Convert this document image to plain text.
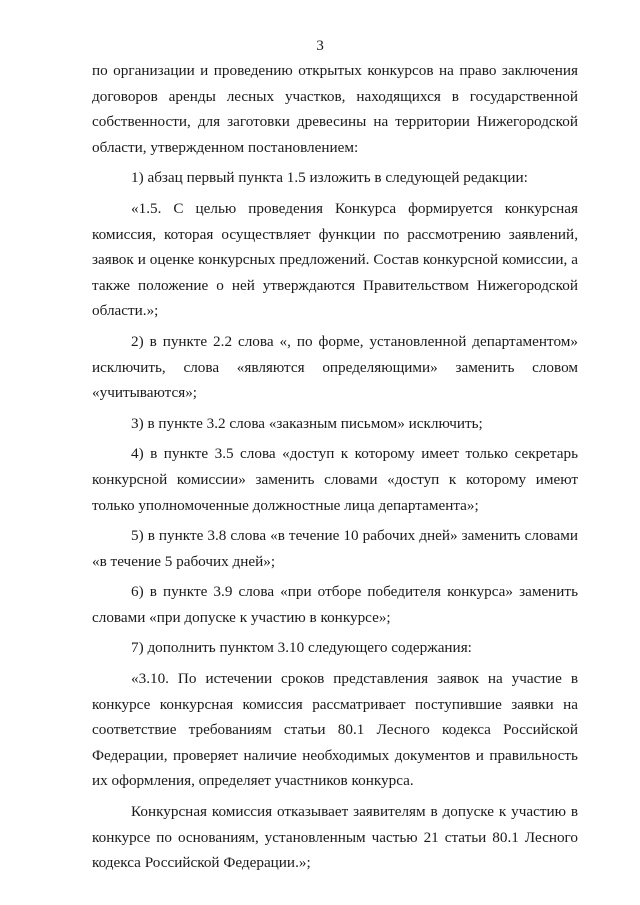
3

по организации и проведению открытых конкурсов на право заключения договоров аренды лесных участков, находящихся в государственной собственности, для заготовки древесины на территории Нижегородской области, утвержденном постановлением:

1) абзац первый пункта 1.5 изложить в следующей редакции:

«1.5. С целью проведения Конкурса формируется конкурсная комиссия, которая осуществляет функции по рассмотрению заявлений, заявок и оценке конкурсных предложений. Состав конкурсной комиссии, а также положение о ней утверждаются Правительством Нижегородской области.»;

2) в пункте 2.2 слова «, по форме, установленной департаментом» исключить, слова «являются определяющими» заменить словом «учитываются»;

3) в пункте 3.2 слова «заказным письмом» исключить;

4) в пункте 3.5 слова «доступ к которому имеет только секретарь конкурсной комиссии» заменить словами «доступ к которому имеют только уполномоченные должностные лица департамента»;

5) в пункте 3.8 слова «в течение 10 рабочих дней» заменить словами «в течение 5 рабочих дней»;

6) в пункте 3.9 слова «при отборе победителя конкурса» заменить словами «при допуске к участию в конкурсе»;

7) дополнить пунктом 3.10 следующего содержания:

«3.10. По истечении сроков представления заявок на участие в конкурсе конкурсная комиссия рассматривает поступившие заявки на соответствие требованиям статьи 80.1 Лесного кодекса Российской Федерации, проверяет наличие необходимых документов и правильность их оформления, определяет участников конкурса.

Конкурсная комиссия отказывает заявителям в допуске к участию в конкурсе по основаниям, установленным частью 21 статьи 80.1 Лесного кодекса Российской Федерации.»;
